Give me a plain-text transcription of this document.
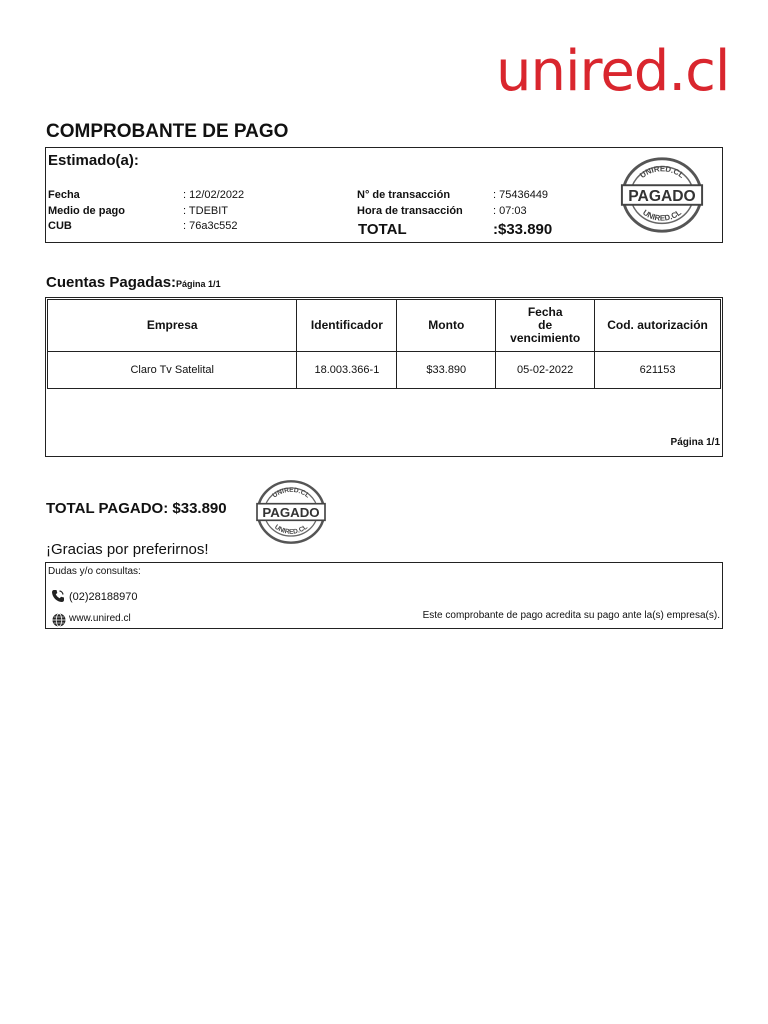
unired.cl
COMPROBANTE DE PAGO
Estimado(a):
Fecha	: 12/02/2022
Medio de pago	: TDEBIT
CUB	: 76a3c552
N° de transacción	: 75436449
Hora de transacción	: 07:03
TOTAL	:$33.890
UNIRED.CL
UNIRED.CL
PAGADO
Cuentas Pagadas:Página 1/1
Empresa	Identificador	Monto	Fecha
de
vencimiento	Cod. autorización
Claro Tv Satelital	18.003.366-1	$33.890	05-02-2022	621153
Página 1/1
TOTAL PAGADO: $33.890
UNIRED.CL
UNIRED.CL
PAGADO
¡Gracias por preferirnos!
Dudas y/o consultas:
(02)28188970
www.unired.cl	Este comprobante de pago acredita su pago ante la(s) empresa(s).
